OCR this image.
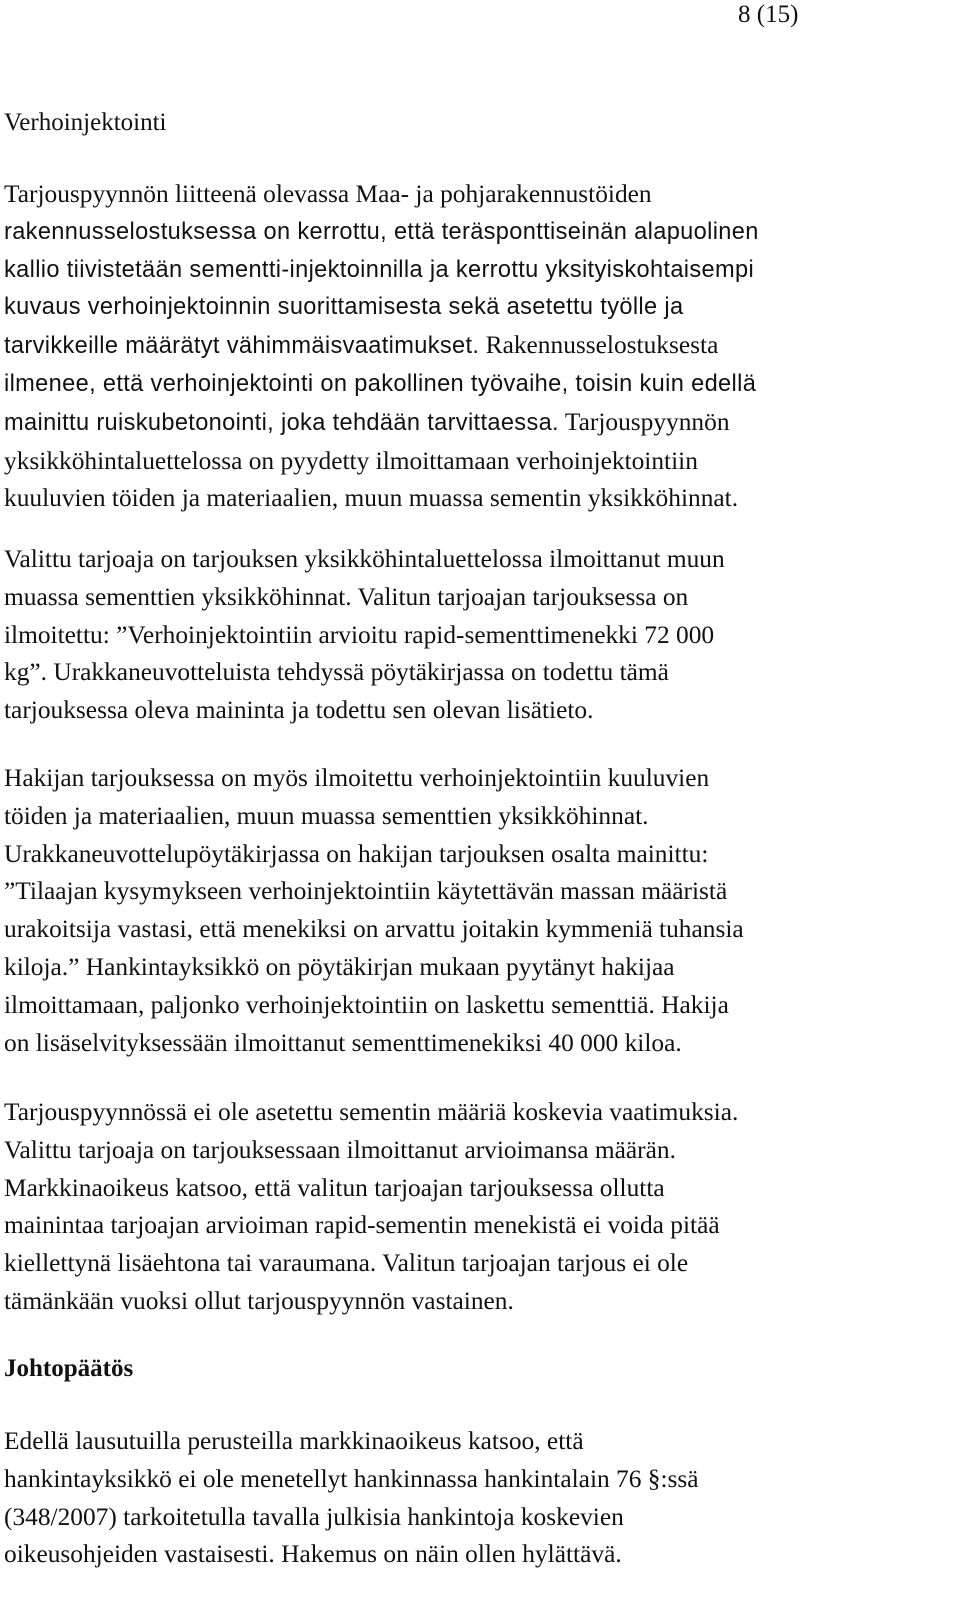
8 (15)
Verhoinjektointi

Tarjouspyynnön liitteenä olevassa Maa- ja pohjarakennustöiden
rakennusselostuksessa on kerrottu, että teräsponttiseinän alapuolinen
kallio tiivistetään sementti-injektoinnilla ja kerrottu yksityiskohtaisempi
kuvaus verhoinjektoinnin suorittamisesta sekä asetettu työlle ja
tarvikkeille määrätyt vähimmäisvaatimukset. Rakennusselostuksesta
ilmenee, että verhoinjektointi on pakollinen työvaihe, toisin kuin edellä
mainittu ruiskubetonointi, joka tehdään tarvittaessa. Tarjouspyynnön
yksikköhintaluettelossa on pyydetty ilmoittamaan verhoinjektointiin
kuuluvien töiden ja materiaalien, muun muassa sementin yksikköhinnat.

Valittu tarjoaja on tarjouksen yksikköhintaluettelossa ilmoittanut muun
muassa sementtien yksikköhinnat. Valitun tarjoajan tarjouksessa on
ilmoitettu: ”Verhoinjektointiin arvioitu rapid-sementtimenekki 72 000
kg”. Urakkaneuvotteluista tehdyssä pöytäkirjassa on todettu tämä
tarjouksessa oleva maininta ja todettu sen olevan lisätieto.

Hakijan tarjouksessa on myös ilmoitettu verhoinjektointiin kuuluvien
töiden ja materiaalien, muun muassa sementtien yksikköhinnat.
Urakkaneuvottelupöytäkirjassa on hakijan tarjouksen osalta mainittu:
”Tilaajan kysymykseen verhoinjektointiin käytettävän massan määristä
urakoitsija vastasi, että menekiksi on arvattu joitakin kymmeniä tuhansia
kiloja.” Hankintayksikkö on pöytäkirjan mukaan pyytänyt hakijaa
ilmoittamaan, paljonko verhoinjektointiin on laskettu sementtiä. Hakija
on lisäselvityksessään ilmoittanut sementtimenekiksi 40 000 kiloa.

Tarjouspyynnössä ei ole asetettu sementin määriä koskevia vaatimuksia.
Valittu tarjoaja on tarjouksessaan ilmoittanut arvioimansa määrän.
Markkinaoikeus katsoo, että valitun tarjoajan tarjouksessa ollutta
mainintaa tarjoajan arvioiman rapid-sementin menekistä ei voida pitää
kiellettynä lisäehtona tai varaumana. Valitun tarjoajan tarjous ei ole
tämänkään vuoksi ollut tarjouspyynnön vastainen.

Johtopäätös

Edellä lausutuilla perusteilla markkinaoikeus katsoo, että
hankintayksikkö ei ole menetellyt hankinnassa hankintalain 76 §:ssä
(348/2007) tarkoitetulla tavalla julkisia hankintoja koskevien
oikeusohjeiden vastaisesti. Hakemus on näin ollen hylättävä.
